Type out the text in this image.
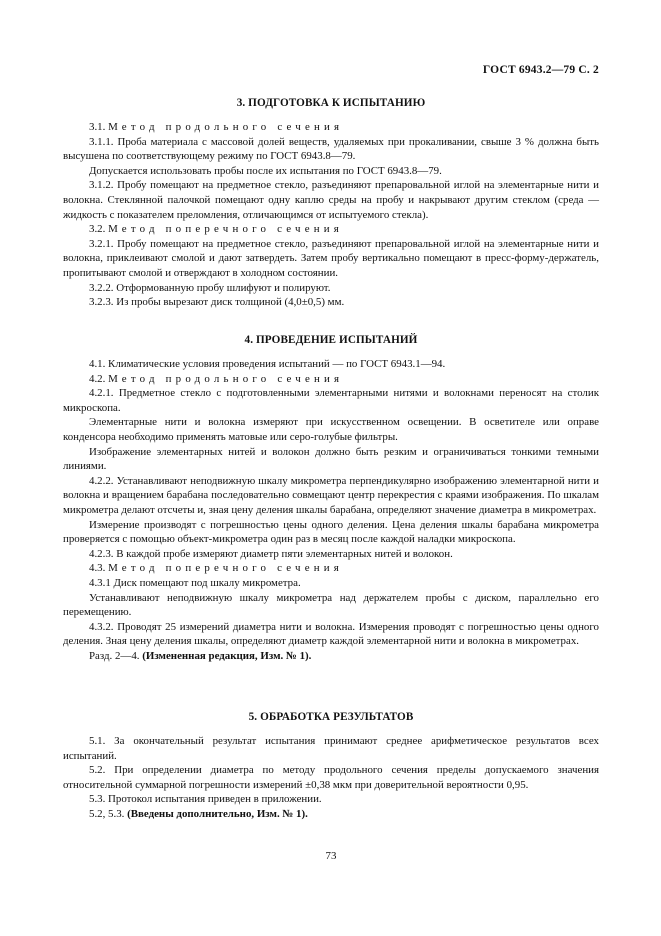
ГОСТ 6943.2—79 С. 2
3. ПОДГОТОВКА К ИСПЫТАНИЮ

3.1. Метод продольного сечения

3.1.1. Проба материала с массовой долей веществ, удаляемых при прокаливании, свыше 3 % должна быть высушена по соответствующему режиму по ГОСТ 6943.8—79.

Допускается использовать пробы после их испытания по ГОСТ 6943.8—79.

3.1.2. Пробу помещают на предметное стекло, разъединяют препаровальной иглой на элементарные нити и волокна. Стеклянной палочкой помещают одну каплю среды на пробу и накрывают другим стеклом (среда — жидкость с показателем преломления, отличающимся от испытуемого стекла).

3.2. Метод поперечного сечения

3.2.1. Пробу помещают на предметное стекло, разъединяют препаровальной иглой на элементарные нити и волокна, приклеивают смолой и дают затвердеть. Затем пробу вертикально помещают в пресс-форму-держатель, пропитывают смолой и отверждают в холодном состоянии.

3.2.2. Отформованную пробу шлифуют и полируют.

3.2.3. Из пробы вырезают диск толщиной (4,0±0,5) мм.

4. ПРОВЕДЕНИЕ ИСПЫТАНИЙ

4.1. Климатические условия проведения испытаний — по ГОСТ 6943.1—94.

4.2. Метод продольного сечения

4.2.1. Предметное стекло с подготовленными элементарными нитями и волокнами переносят на столик микроскопа.

Элементарные нити и волокна измеряют при искусственном освещении. В осветителе или оправе конденсора необходимо применять матовые или серо-голубые фильтры.

Изображение элементарных нитей и волокон должно быть резким и ограничиваться тонкими темными линиями.

4.2.2. Устанавливают неподвижную шкалу микрометра перпендикулярно изображению элементарной нити и волокна и вращением барабана последовательно совмещают центр перекрестия с краями изображения. По шкалам микрометра делают отсчеты и, зная цену деления шкалы барабана, определяют значение диаметра в микрометрах.

Измерение производят с погрешностью цены одного деления. Цена деления шкалы барабана микрометра проверяется с помощью объект-микрометра один раз в месяц после каждой наладки микроскопа.

4.2.3. В каждой пробе измеряют диаметр пяти элементарных нитей и волокон.

4.3. Метод поперечного сечения

4.3.1 Диск помещают под шкалу микрометра.

Устанавливают неподвижную шкалу микрометра над держателем пробы с диском, параллельно его перемещению.

4.3.2. Проводят 25 измерений диаметра нити и волокна. Измерения проводят с погрешностью цены одного деления. Зная цену деления шкалы, определяют диаметр каждой элементарной нити и волокна в микрометрах.

Разд. 2—4. (Измененная редакция, Изм. № 1).

5. ОБРАБОТКА РЕЗУЛЬТАТОВ

5.1. За окончательный результат испытания принимают среднее арифметическое результатов всех испытаний.

5.2. При определении диаметра по методу продольного сечения пределы допускаемого значения относительной суммарной погрешности измерений ±0,38 мкм при доверительной вероятности 0,95.

5.3. Протокол испытания приведен в приложении.

5.2, 5.3. (Введены дополнительно, Изм. № 1).

73
